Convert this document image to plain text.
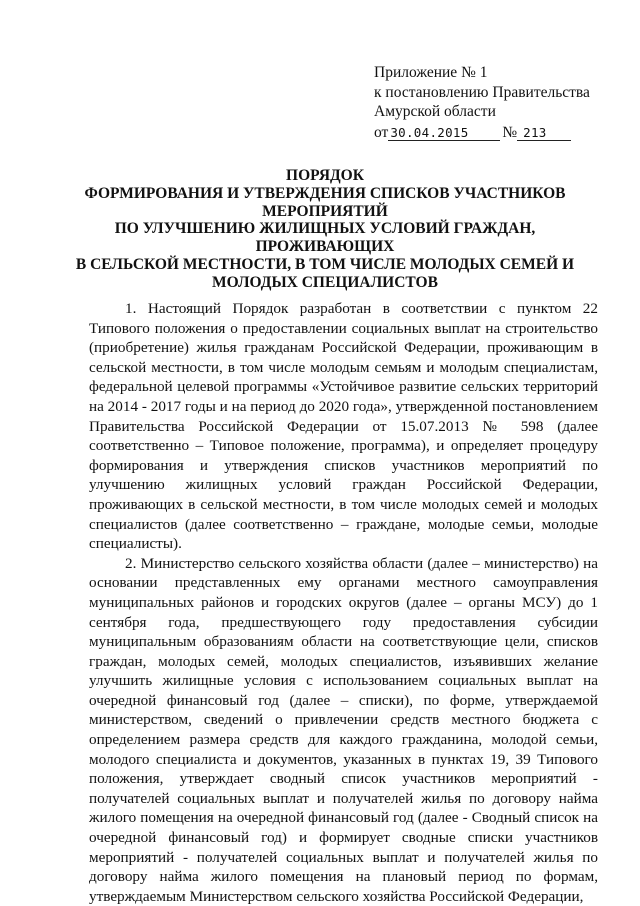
Приложение № 1
к постановлению Правительства
Амурской области
от 30.04.2015 № 213
ПОРЯДОК
ФОРМИРОВАНИЯ И УТВЕРЖДЕНИЯ СПИСКОВ УЧАСТНИКОВ
МЕРОПРИЯТИЙ
ПО УЛУЧШЕНИЮ ЖИЛИЩНЫХ УСЛОВИЙ ГРАЖДАН,
ПРОЖИВАЮЩИХ
В СЕЛЬСКОЙ МЕСТНОСТИ, В ТОМ ЧИСЛЕ МОЛОДЫХ СЕМЕЙ И
МОЛОДЫХ СПЕЦИАЛИСТОВ

1. Настоящий Порядок разработан в соответствии с пунктом 22 Типового положения о предоставлении социальных выплат на строительство (приобретение) жилья гражданам Российской Федерации, проживающим в сельской местности, в том числе молодым семьям и молодым специалистам, федеральной целевой программы «Устойчивое развитие сельских территорий на 2014 - 2017 годы и на период до 2020 года», утвержденной постановлением Правительства Российской Федерации от 15.07.2013 № 598 (далее соответственно – Типовое положение, программа), и определяет процедуру формирования и утверждения списков участников мероприятий по улучшению жилищных условий граждан Российской Федерации, проживающих в сельской местности, в том числе молодых семей и молодых специалистов (далее соответственно – граждане, молодые семьи, молодые специалисты).

2. Министерство сельского хозяйства области (далее – министерство) на основании представленных ему органами местного самоуправления муниципальных районов и городских округов (далее – органы МСУ) до 1 сентября года, предшествующего году предоставления субсидии муниципальным образованиям области на соответствующие цели, списков граждан, молодых семей, молодых специалистов, изъявивших желание улучшить жилищные условия с использованием социальных выплат на очередной финансовый год (далее – списки), по форме, утверждаемой министерством, сведений о привлечении средств местного бюджета с определением размера средств для каждого гражданина, молодой семьи, молодого специалиста и документов, указанных в пунктах 19, 39 Типового положения, утверждает сводный список участников мероприятий - получателей социальных выплат и получателей жилья по договору найма жилого помещения на очередной финансовый год (далее - Сводный список на очередной финансовый год) и формирует сводные списки участников мероприятий - получателей социальных выплат и получателей жилья по договору найма жилого помещения на плановый период по формам, утверждаемым Министерством сельского хозяйства Российской Федерации,
